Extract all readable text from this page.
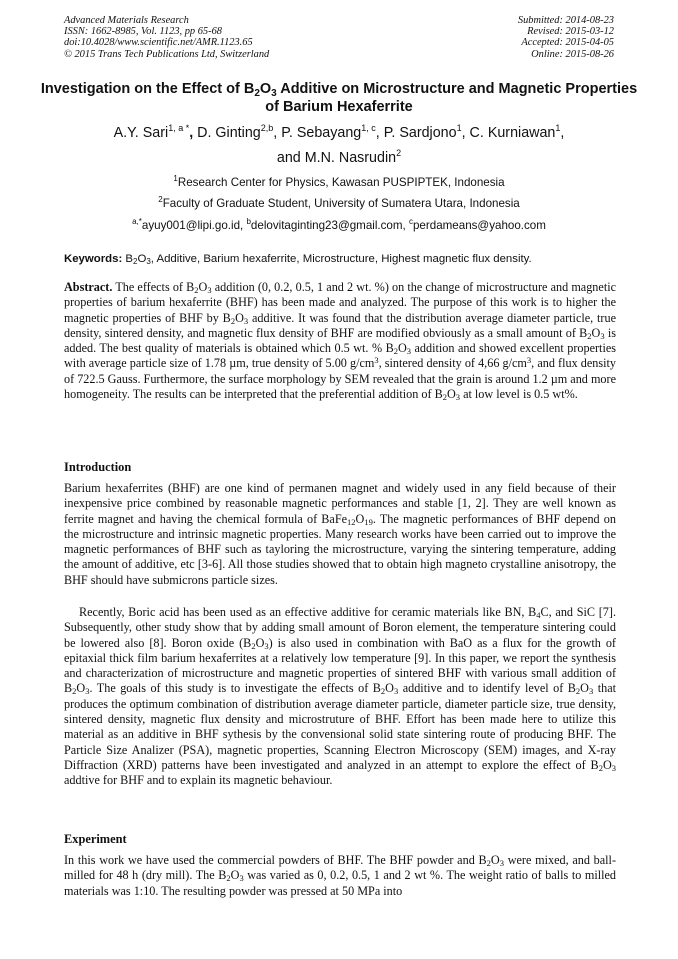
Advanced Materials Research
ISSN: 1662-8985, Vol. 1123, pp 65-68
doi:10.4028/www.scientific.net/AMR.1123.65
© 2015 Trans Tech Publications Ltd, Switzerland
Submitted: 2014-08-23
Revised: 2015-03-12
Accepted: 2015-04-05
Online: 2015-08-26
Investigation on the Effect of $B_2O_3$ Additive on Microstructure and Magnetic Properties of Barium Hexaferrite
A.Y. Sari$^{1, a *}$, D. Ginting$^{2,b}$, P. Sebayang$^{1, c}$, P. Sardjono$^1$, C. Kurniawan$^1$,
and M.N. Nasrudin$^2$
$^1$Research Center for Physics, Kawasan PUSPIPTEK, Indonesia
$^2$Faculty of Graduate Student, University of Sumatera Utara, Indonesia
$^{a,*}$ayuy001@lipi.go.id, $^b$delovitaginting23@gmail.com, $^c$perdameans@yahoo.com
Keywords: $B_2O_3$, Additive, Barium hexaferrite, Microstructure, Highest magnetic flux density.
Abstract. The effects of $B_2O_3$ addition (0, 0.2, 0.5, 1 and 2 wt. %) on the change of microstructure and magnetic properties of barium hexaferrite (BHF) has been made and analyzed. The purpose of this work is to higher the magnetic properties of BHF by $B_2O_3$ additive. It was found that the distribution average diameter particle, true density, sintered density, and magnetic flux density of BHF are modified obviously as a small amount of $B_2O_3$ is added. The best quality of materials is obtained which 0.5 wt. % $B_2O_3$ addition and showed excellent properties with average particle size of 1.78 µm, true density of 5.00 $g/cm^3$, sintered density of 4,66 $g/cm^3$, and flux density of 722.5 Gauss. Furthermore, the surface morphology by SEM revealed that the grain is around 1.2 µm and more homogeneity. The results can be interpreted that the preferential addition of $B_2O_3$ at low level is 0.5 wt%.
Introduction
Barium hexaferrites (BHF) are one kind of permanen magnet and widely used in any field because of their inexpensive price combined by reasonable magnetic performances and stable [1, 2]. They are well known as ferrite magnet and having the chemical formula of $BaFe_{12}O_{19}$. The magnetic performances of BHF depend on the microstructure and intrinsic magnetic properties. Many research works have been carried out to improve the magnetic performances of BHF such as tayloring the microstructure, varying the sintering temperature, adding the amount of additive, etc [3-6]. All those studies showed that to obtain high magneto crystalline anisotropy, the BHF should have submicrons particle sizes.
Recently, Boric acid has been used as an effective additive for ceramic materials like BN, $B_4C$, and SiC [7]. Subsequently, other study show that by adding small amount of Boron element, the temperature sintering could be lowered also [8]. Boron oxide $(B_2O_3)$ is also used in combination with BaO as a flux for the growth of epitaxial thick film barium hexaferrites at a relatively low temperature [9]. In this paper, we report the synthesis and characterization of microstructure and magnetic properties of sintered BHF with various small addition of $B_2O_3$. The goals of this study is to investigate the effects of $B_2O_3$ additive and to identify level of $B_2O_3$ that produces the optimum combination of distribution average diameter particle, diameter particle size, true density, sintered density, magnetic flux density and microstruture of BHF. Effort has been made here to utilize this material as an additive in BHF sythesis by the convensional solid state sintering route of producing BHF. The Particle Size Analizer (PSA), magnetic properties, Scanning Electron Microscopy (SEM) images, and X-ray Diffraction (XRD) patterns have been investigated and analyzed in an attempt to explore the effect of $B_2O_3$ addtive for BHF and to explain its magnetic behaviour.
Experiment
In this work we have used the commercial powders of BHF. The BHF powder and $B_2O_3$ were mixed, and ball-milled for 48 h (dry mill). The $B_2O_3$ was varied as 0, 0.2, 0.5, 1 and 2 wt %. The weight ratio of balls to milled materials was 1:10. The resulting powder was pressed at 50 MPa into
